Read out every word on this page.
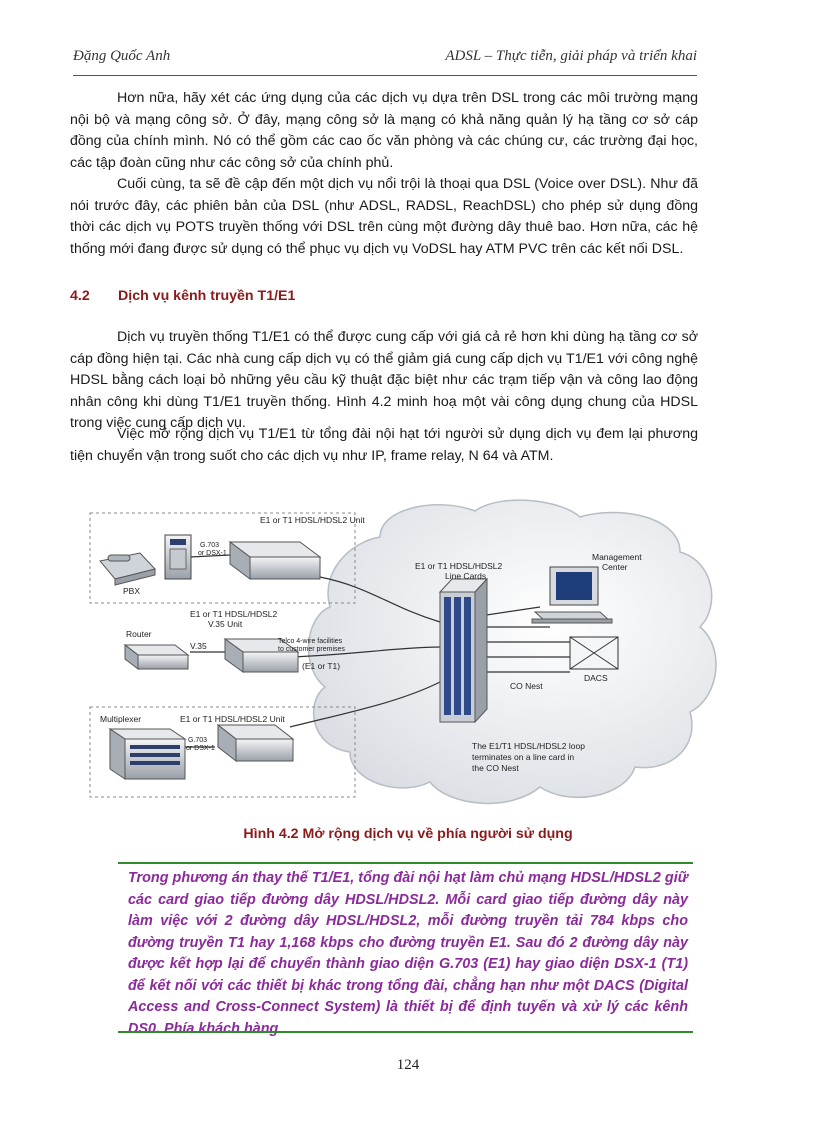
Đặng Quốc Anh	ADSL – Thực tiễn, giải pháp và triển khai

Hơn nữa, hãy xét các ứng dụng của các dịch vụ dựa trên DSL trong các môi trường mạng nội bộ và mạng công sở. Ở đây, mạng công sở là mạng có khả năng quản lý hạ tầng cơ sở cáp đồng của chính mình. Nó có thể gồm các cao ốc văn phòng và các chúng cư, các trường đại học, các tập đoàn cũng như các công sở của chính phủ.

Cuối cùng, ta sẽ đề cập đến một dịch vụ nổi trội là thoại qua DSL (Voice over DSL). Như đã nói trước đây, các phiên bản của DSL (như ADSL, RADSL, ReachDSL) cho phép sử dụng đồng thời các dịch vụ POTS truyền thống với DSL trên cùng một đường dây thuê bao. Hơn nữa, các hệ thống mới đang được sử dụng có thể phục vụ dịch vụ VoDSL hay ATM PVC trên các kết nối DSL.

4.2 Dịch vụ kênh truyền T1/E1

Dịch vụ truyền thống T1/E1 có thể được cung cấp với giá cả rẻ hơn khi dùng hạ tầng cơ sở cáp đồng hiện tại. Các nhà cung cấp dịch vụ có thể giảm giá cung cấp dịch vụ T1/E1 với công nghệ HDSL bằng cách loại bỏ những yêu cầu kỹ thuật đặc biệt như các trạm tiếp vận và công lao động nhân công khi dùng T1/E1 truyền thống. Hình 4.2 minh hoạ một vài công dụng chung của HDSL trong việc cung cấp dịch vụ.

Việc mở rộng dịch vụ T1/E1 từ tổng đài nội hạt tới người sử dụng dịch vụ đem lại phương tiện chuyển vận trong suốt cho các dịch vụ như IP, frame relay, N 64 và ATM.

PBX
E1 or T1 HDSL/HDSL2 Unit
G.703
or DSX-1
Router
V.35
E1 or T1 HDSL/HDSL2
V.35 Unit
Telco 4-wire facilities
to customer premises
(E1 or T1)
Multiplexer	E1 or T1 HDSL/HDSL2 Unit
G.703
or DSX-1
E1 or T1 HDSL/HDSL2
Line Cards
CO Nest
Management
Center
DACS
The E1/T1 HDSL/HDSL2 loop
terminates on a line card in
the CO Nest
Hình 4.2 Mở rộng dịch vụ về phía người sử dụng

Trong phương án thay thế T1/E1, tổng đài nội hạt làm chủ mạng HDSL/HDSL2 giữ các card giao tiếp đường dây HDSL/HDSL2. Mỗi card giao tiếp đường dây này làm việc với 2 đường dây HDSL/HDSL2, mỗi đường truyền tải 784 kbps cho đường truyền T1 hay 1,168 kbps cho đường truyền E1. Sau đó 2 đường dây này được kết hợp lại để chuyển thành giao diện G.703 (E1) hay giao diện DSX-1 (T1) để kết nối với các thiết bị khác trong tổng đài, chẳng hạn như một DACS (Digital Access and Cross-Connect System) là thiết bị để định tuyến và xử lý các kênh DS0. Phía khách hàng

124
